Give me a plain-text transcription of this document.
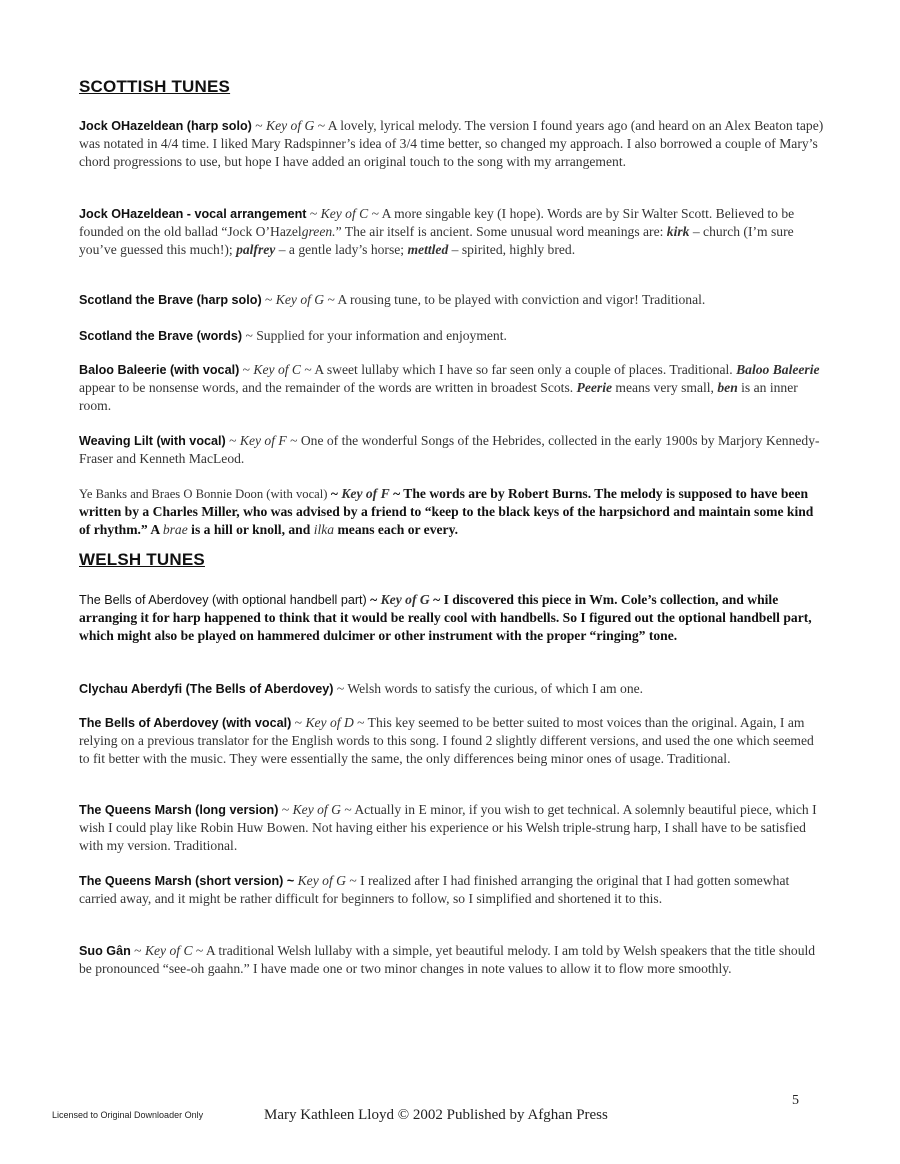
SCOTTISH TUNES
Jock OHazeldean (harp solo) ~ Key of G ~ A lovely, lyrical melody. The version I found years ago (and heard on an Alex Beaton tape) was notated in 4/4 time. I liked Mary Radspinner’s idea of 3/4 time better, so changed my approach. I also borrowed a couple of Mary’s chord progressions to use, but hope I have added an original touch to the song with my arrangement.
Jock OHazeldean - vocal arrangement ~ Key of C ~ A more singable key (I hope). Words are by Sir Walter Scott. Believed to be founded on the old ballad “Jock O’Hazelgreen.” The air itself is ancient. Some unusual word meanings are: kirk – church (I’m sure you’ve guessed this much!); palfrey – a gentle lady’s horse; mettled – spirited, highly bred.
Scotland the Brave (harp solo) ~ Key of G ~ A rousing tune, to be played with conviction and vigor! Traditional.
Scotland the Brave (words) ~ Supplied for your information and enjoyment.
Baloo Baleerie (with vocal) ~ Key of C ~ A sweet lullaby which I have so far seen only a couple of places. Traditional. Baloo Baleerie appear to be nonsense words, and the remainder of the words are written in broadest Scots. Peerie means very small, ben is an inner room.
Weaving Lilt (with vocal) ~ Key of F ~ One of the wonderful Songs of the Hebrides, collected in the early 1900s by Marjory Kennedy-Fraser and Kenneth MacLeod.
Ye Banks and Braes O Bonnie Doon (with vocal) ~ Key of F ~ The words are by Robert Burns. The melody is supposed to have been written by a Charles Miller, who was advised by a friend to “keep to the black keys of the harpsichord and maintain some kind of rhythm.” A brae is a hill or knoll, and ilka means each or every.
WELSH TUNES
The Bells of Aberdovey (with optional handbell part) ~ Key of G ~ I discovered this piece in Wm. Cole’s collection, and while arranging it for harp happened to think that it would be really cool with handbells. So I figured out the optional handbell part, which might also be played on hammered dulcimer or other instrument with the proper “ringing” tone.
Clychau Aberdyfi (The Bells of Aberdovey) ~ Welsh words to satisfy the curious, of which I am one.
The Bells of Aberdovey (with vocal) ~ Key of D ~ This key seemed to be better suited to most voices than the original. Again, I am relying on a previous translator for the English words to this song. I found 2 slightly different versions, and used the one which seemed to fit better with the music. They were essentially the same, the only differences being minor ones of usage. Traditional.
The Queens Marsh (long version) ~ Key of G ~ Actually in E minor, if you wish to get technical. A solemnly beautiful piece, which I wish I could play like Robin Huw Bowen. Not having either his experience or his Welsh triple-strung harp, I shall have to be satisfied with my version. Traditional.
The Queens Marsh (short version) ~ Key of G ~ I realized after I had finished arranging the original that I had gotten somewhat carried away, and it might be rather difficult for beginners to follow, so I simplified and shortened it to this.
Suo Gân ~ Key of C ~ A traditional Welsh lullaby with a simple, yet beautiful melody. I am told by Welsh speakers that the title should be pronounced “see-oh gaahn.” I have made one or two minor changes in note values to allow it to flow more smoothly.
5
Licensed to Original Downloader Only	Mary Kathleen Lloyd © 2002 Published by Afghan Press
